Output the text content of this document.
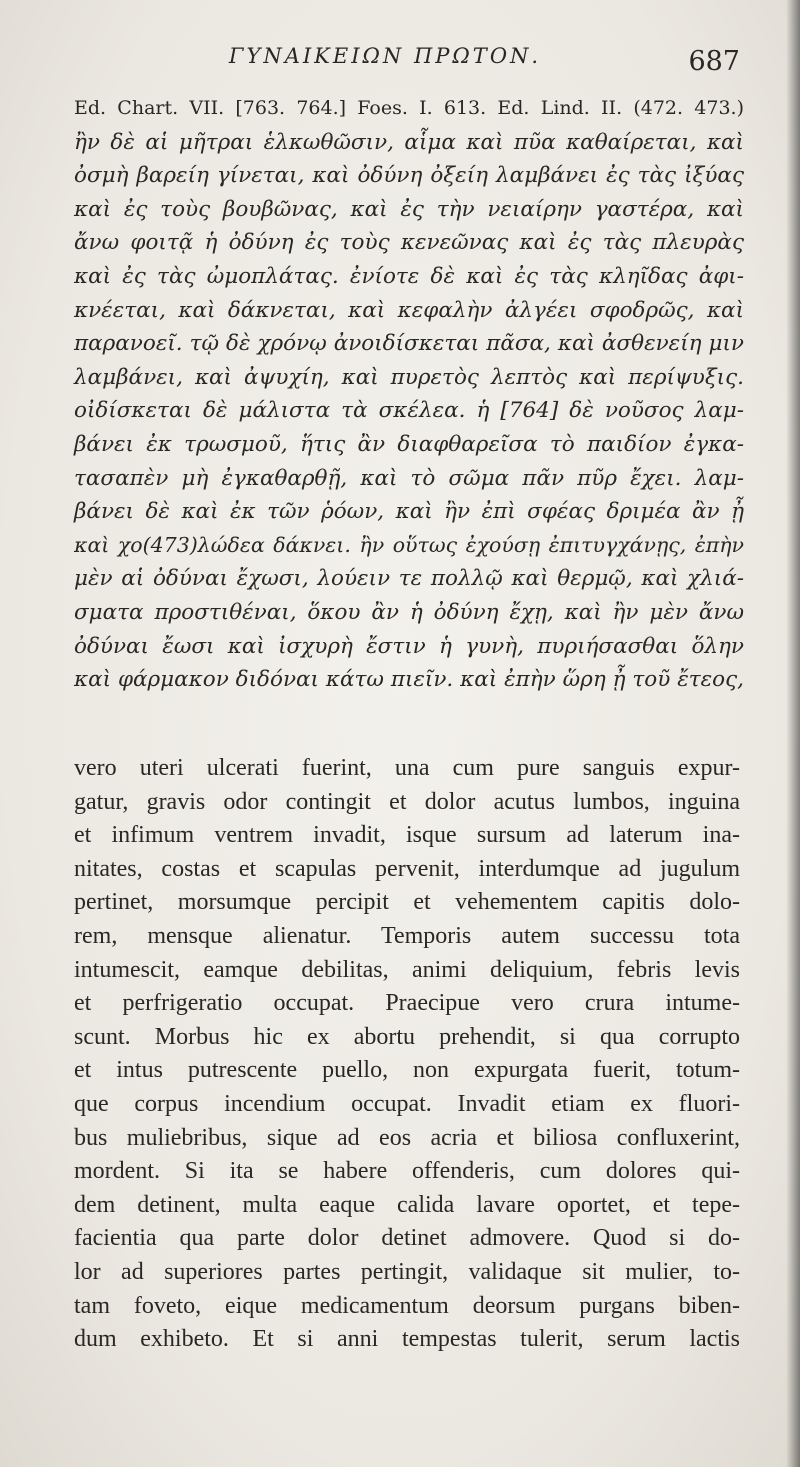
ΓΥΝΑΙΚΕΙΩΝ ΠΡΩΤΟΝ.	687
Ed. Chart. VII. [763. 764.] Foes. I. 613. Ed. Lind. II. (472. 473.)
ἢν δὲ αἱ μῆτραι ἑλκωθῶσιν, αἷμα καὶ πῦα καθαίρεται, καὶ
ὀσμὴ βαρείη γίνεται, καὶ ὀδύνη ὀξείη λαμβάνει ἐς τὰς ἰξύας
καὶ ἐς τοὺς βουβῶνας, καὶ ἐς τὴν νειαίρην γαστέρα, καὶ
ἄνω φοιτᾷ ἡ ὀδύνη ἐς τοὺς κενεῶνας καὶ ἐς τὰς πλευρὰς
καὶ ἐς τὰς ὠμοπλάτας. ἐνίοτε δὲ καὶ ἐς τὰς κληῖδας ἀφι-
κνέεται, καὶ δάκνεται, καὶ κεφαλὴν ἀλγέει σφοδρῶς, καὶ
παρανοεῖ. τῷ δὲ χρόνῳ ἀνοιδίσκεται πᾶσα, καὶ ἀσθενείη μιν
λαμβάνει, καὶ ἀψυχίη, καὶ πυρετὸς λεπτὸς καὶ περίψυξις.
οἰδίσκεται δὲ μάλιστα τὰ σκέλεα. ἡ [764] δὲ νοῦσος λαμ-
βάνει ἐκ τρωσμοῦ, ἥτις ἂν διαφθαρεῖσα τὸ παιδίον ἐγκα-
τασαπὲν μὴ ἐγκαθαρθῇ, καὶ τὸ σῶμα πᾶν πῦρ ἔχει. λαμ-
βάνει δὲ καὶ ἐκ τῶν ῥόων, καὶ ἢν ἐπὶ σφέας δριμέα ἂν ᾖ
καὶ χο(473)λώδεα δάκνει. ἢν οὕτως ἐχούσῃ ἐπιτυγχάνῃς, ἐπὴν
μὲν αἱ ὀδύναι ἔχωσι, λούειν τε πολλῷ καὶ θερμῷ, καὶ χλιά-
σματα προστιθέναι, ὅκου ἂν ἡ ὀδύνη ἔχῃ, καὶ ἢν μὲν ἄνω
ὀδύναι ἔωσι καὶ ἰσχυρὴ ἔστιν ἡ γυνὴ, πυριήσασθαι ὅλην
καὶ φάρμακον διδόναι κάτω πιεῖν. καὶ ἐπὴν ὥρη ᾖ τοῦ ἔτεος,
vero uteri ulcerati fuerint, una cum pure sanguis expur-
gatur, gravis odor contingit et dolor acutus lumbos, inguina
et infimum ventrem invadit, isque sursum ad laterum ina-
nitates, costas et scapulas pervenit, interdumque ad jugulum
pertinet, morsumque percipit et vehementem capitis dolo-
rem, mensque alienatur. Temporis autem successu tota
intumescit, eamque debilitas, animi deliquium, febris levis
et perfrigeratio occupat. Praecipue vero crura intume-
scunt. Morbus hic ex abortu prehendit, si qua corrupto
et intus putrescente puello, non expurgata fuerit, totum-
que corpus incendium occupat. Invadit etiam ex fluori-
bus muliebribus, sique ad eos acria et biliosa confluxerint,
mordent. Si ita se habere offenderis, cum dolores qui-
dem detinent, multa eaque calida lavare oportet, et tepe-
facientia qua parte dolor detinet admovere. Quod si do-
lor ad superiores partes pertingit, validaque sit mulier, to-
tam foveto, eique medicamentum deorsum purgans biben-
dum exhibeto. Et si anni tempestas tulerit, serum lactis
